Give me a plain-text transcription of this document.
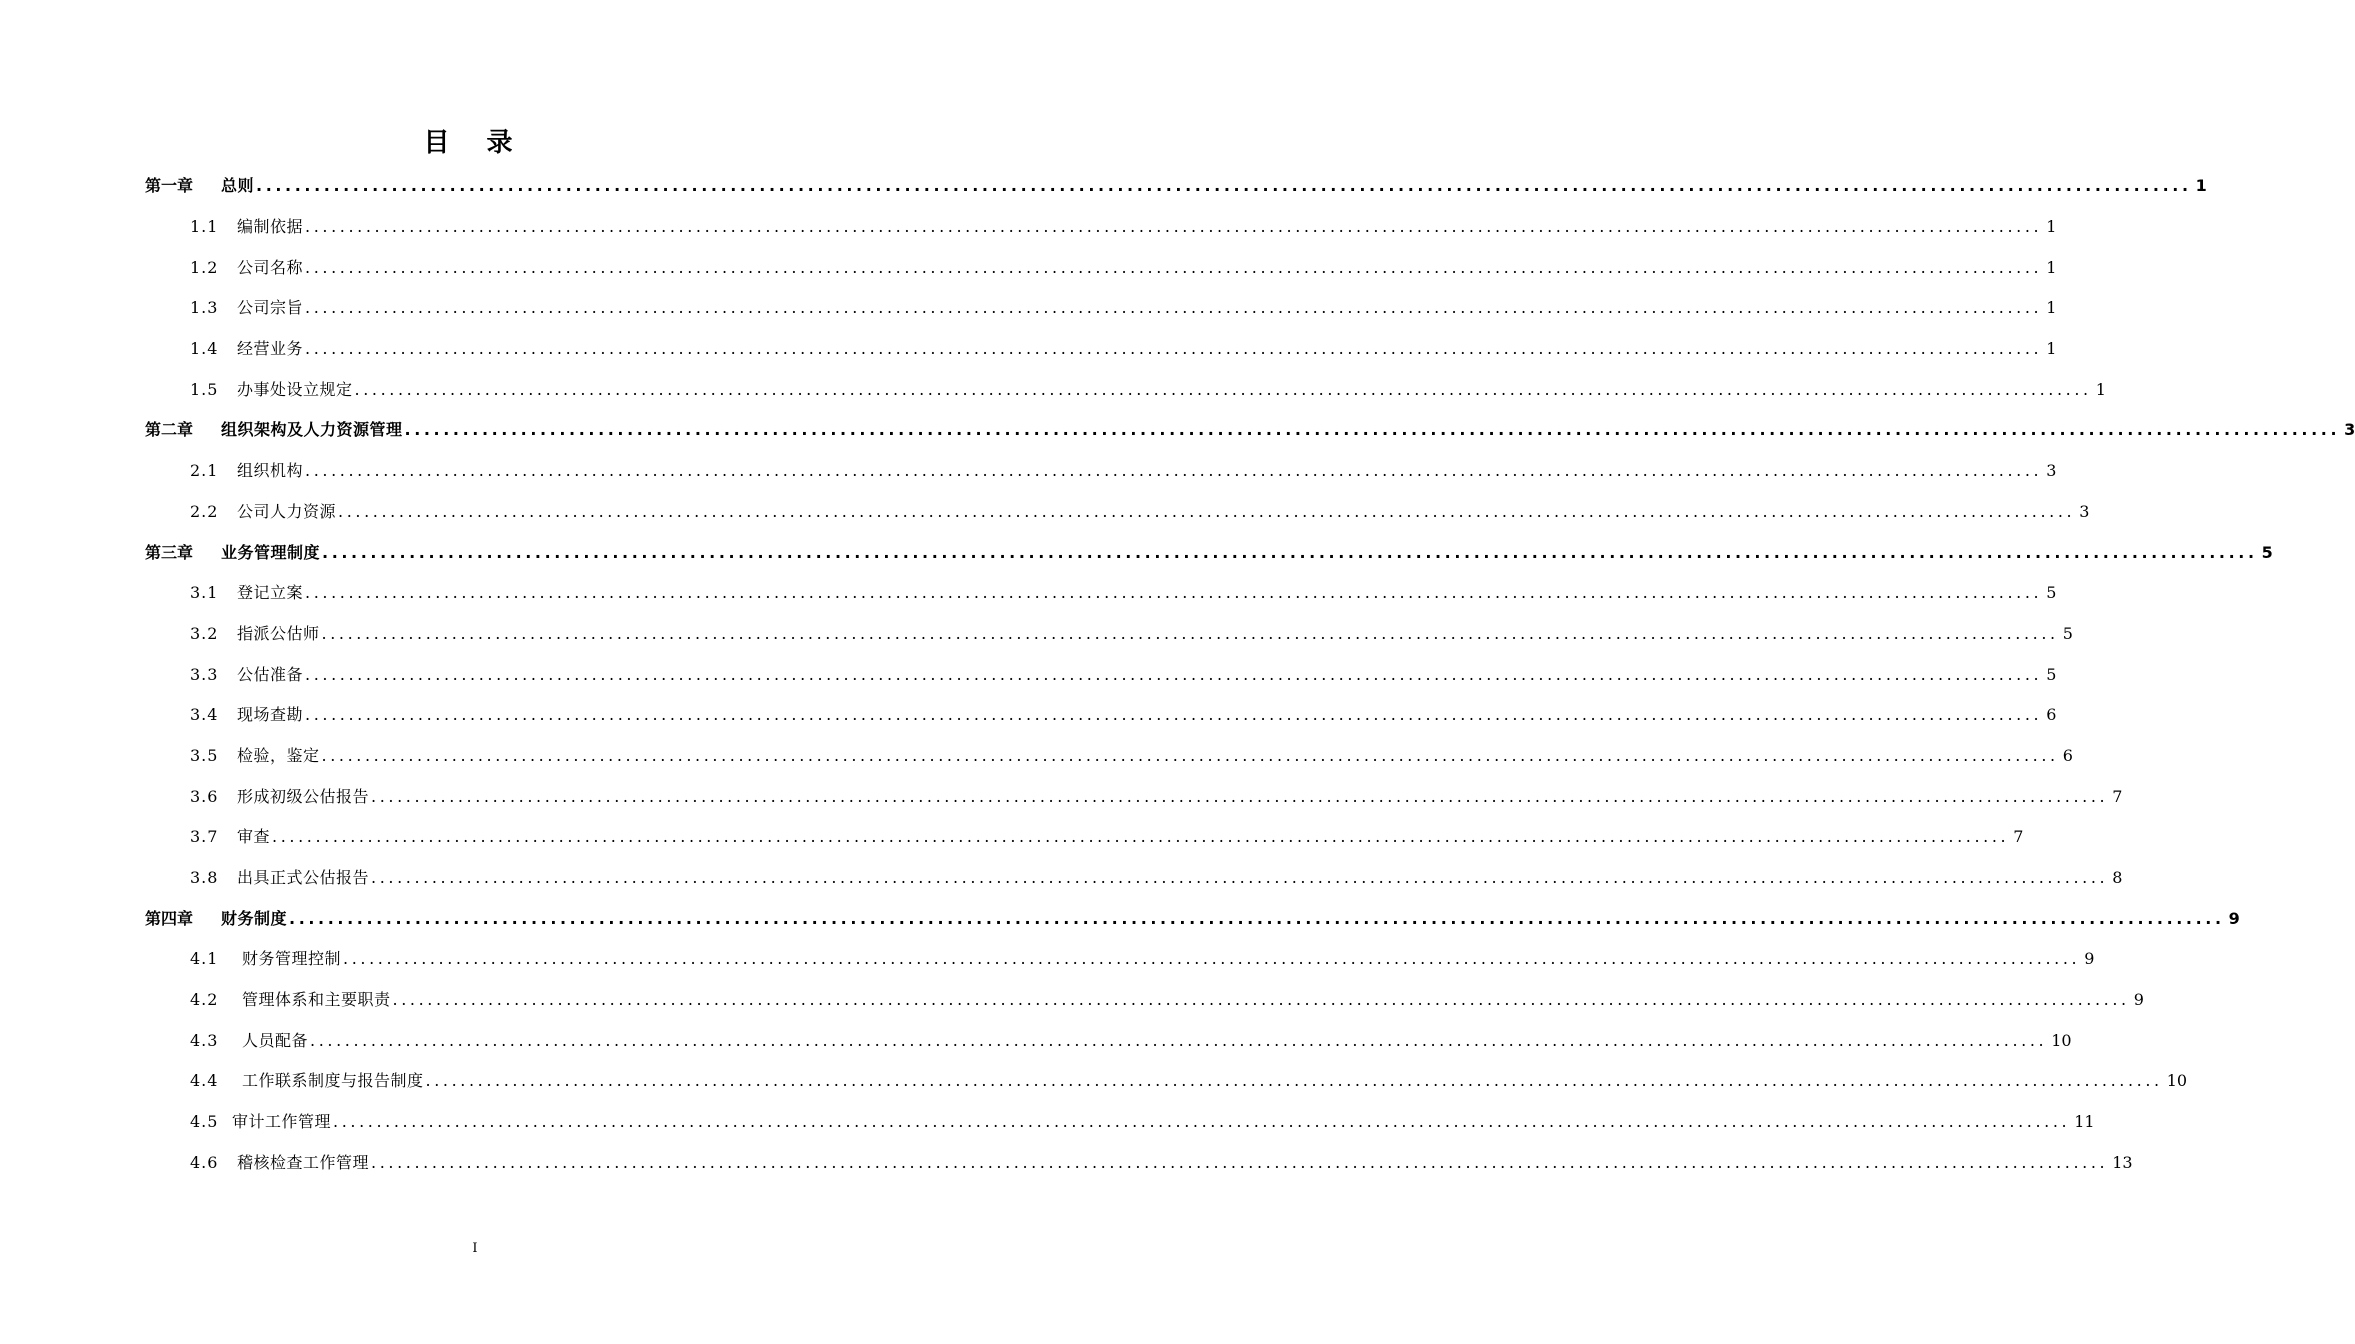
目 录
第一章 总则 ........................................................................................................................................................................................................ 1
1.1 编制依据 ........................................................................................................................................................................................................ 1
1.2 公司名称 ........................................................................................................................................................................................................ 1
1.3 公司宗旨 ........................................................................................................................................................................................................ 1
1.4 经营业务 ........................................................................................................................................................................................................ 1
1.5 办事处设立规定 ........................................................................................................................................................................................................ 1
第二章 组织架构及人力资源管理 ........................................................................................................................................................................................................ 3
2.1 组织机构 ........................................................................................................................................................................................................ 3
2.2 公司人力资源 ........................................................................................................................................................................................................ 3
第三章 业务管理制度 ........................................................................................................................................................................................................ 5
3.1 登记立案 ........................................................................................................................................................................................................ 5
3.2 指派公估师 ........................................................................................................................................................................................................ 5
3.3 公估准备 ........................................................................................................................................................................................................ 5
3.4 现场查勘 ........................................................................................................................................................................................................ 6
3.5 检验，鉴定 ........................................................................................................................................................................................................ 6
3.6 形成初级公估报告 ........................................................................................................................................................................................................ 7
3.7 审查 ........................................................................................................................................................................................................ 7
3.8 出具正式公估报告 ........................................................................................................................................................................................................ 8
第四章 财务制度 ........................................................................................................................................................................................................ 9
4.1 财务管理控制 ........................................................................................................................................................................................................ 9
4.2 管理体系和主要职责 ........................................................................................................................................................................................................ 9
4.3 人员配备 ........................................................................................................................................................................................................ 10
4.4 工作联系制度与报告制度 ........................................................................................................................................................................................................ 10
4.5 审计工作管理 ........................................................................................................................................................................................................ 11
4.6 稽核检查工作管理 ........................................................................................................................................................................................................ 13
I
